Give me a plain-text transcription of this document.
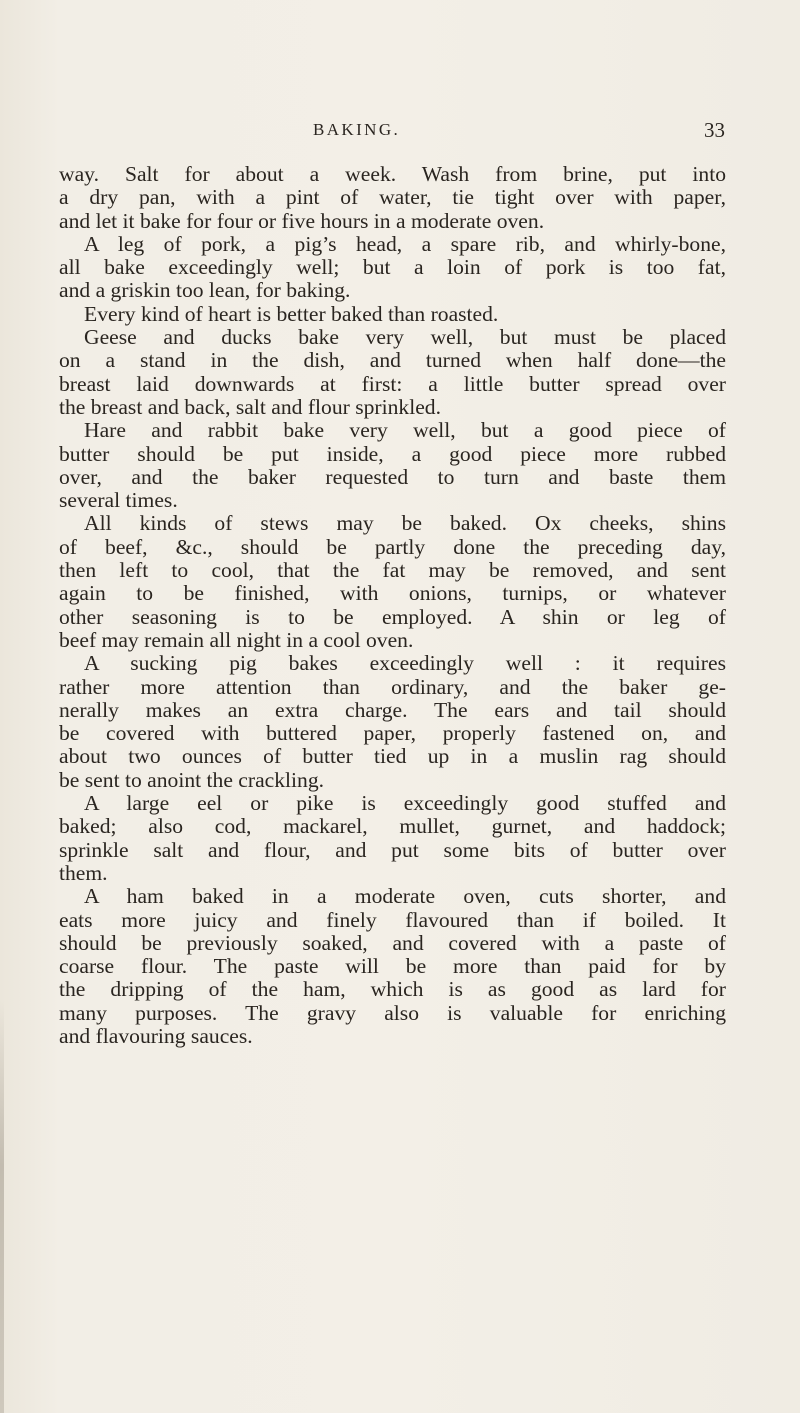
BAKING.	33
way. Salt for about a week. Wash from brine, put into
a dry pan, with a pint of water, tie tight over with paper,
and let it bake for four or five hours in a moderate oven.
A leg of pork, a pig’s head, a spare rib, and whirly-bone,
all bake exceedingly well; but a loin of pork is too fat,
and a griskin too lean, for baking.
Every kind of heart is better baked than roasted.
Geese and ducks bake very well, but must be placed
on a stand in the dish, and turned when half done—the
breast laid downwards at first: a little butter spread over
the breast and back, salt and flour sprinkled.
Hare and rabbit bake very well, but a good piece of
butter should be put inside, a good piece more rubbed
over, and the baker requested to turn and baste them
several times.
All kinds of stews may be baked. Ox cheeks, shins
of beef, &c., should be partly done the preceding day,
then left to cool, that the fat may be removed, and sent
again to be finished, with onions, turnips, or whatever
other seasoning is to be employed. A shin or leg of
beef may remain all night in a cool oven.
A sucking pig bakes exceedingly well : it requires
rather more attention than ordinary, and the baker ge-
nerally makes an extra charge. The ears and tail should
be covered with buttered paper, properly fastened on, and
about two ounces of butter tied up in a muslin rag should
be sent to anoint the crackling.
A large eel or pike is exceedingly good stuffed and
baked; also cod, mackarel, mullet, gurnet, and haddock;
sprinkle salt and flour, and put some bits of butter over
them.
A ham baked in a moderate oven, cuts shorter, and
eats more juicy and finely flavoured than if boiled. It
should be previously soaked, and covered with a paste of
coarse flour. The paste will be more than paid for by
the dripping of the ham, which is as good as lard for
many purposes. The gravy also is valuable for enriching
and flavouring sauces.
